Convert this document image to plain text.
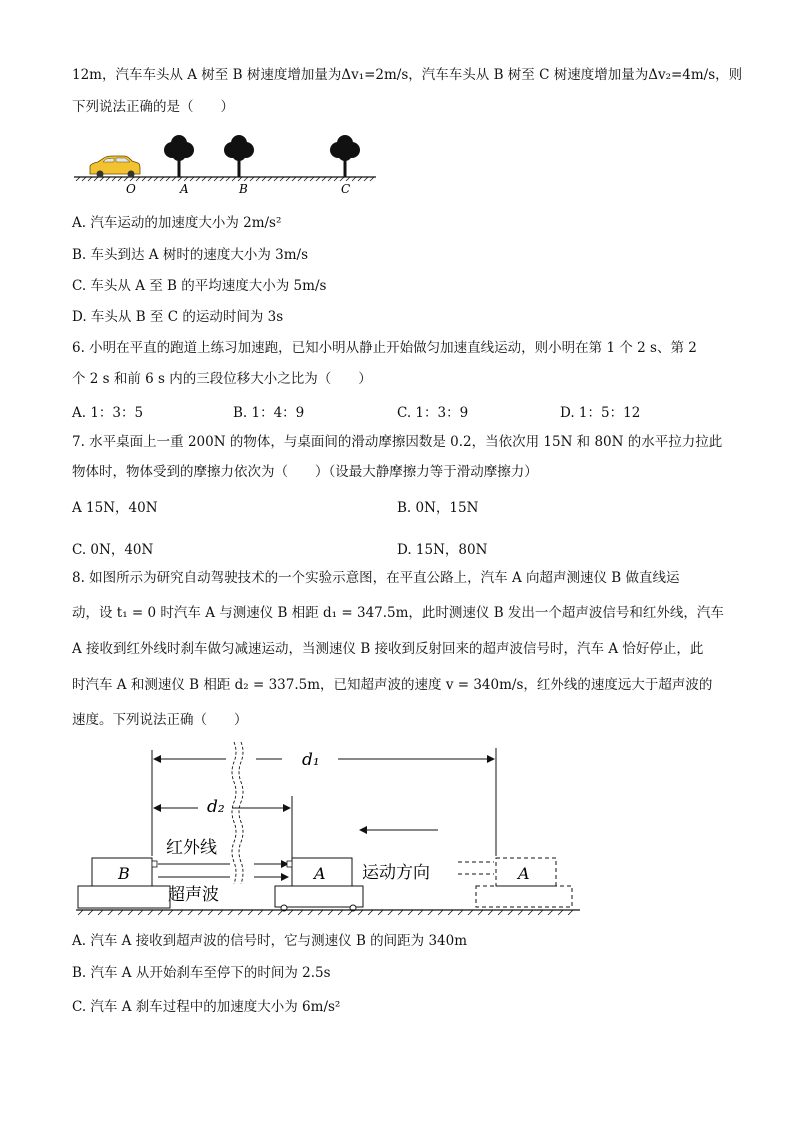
12m，汽车车头从 A 树至 B 树速度增加量为Δv₁=2m/s，汽车车头从 B 树至 C 树速度增加量为Δv₂=4m/s，则
下列说法正确的是（　　）
O	A	B	C
A. 汽车运动的加速度大小为 2m/s²
B. 车头到达 A 树时的速度大小为 3m/s
C. 车头从 A 至 B 的平均速度大小为 5m/s
D. 车头从 B 至 C 的运动时间为 3s
6. 小明在平直的跑道上练习加速跑，已知小明从静止开始做匀加速直线运动，则小明在第 1 个 2 s、第 2
个 2 s 和前 6 s 内的三段位移大小之比为（　　）
A. 1：3：5	B. 1：4：9	C. 1：3：9	D. 1：5：12
7. 水平桌面上一重 200N 的物体，与桌面间的滑动摩擦因数是 0.2，当依次用 15N 和 80N 的水平拉力拉此
物体时，物体受到的摩擦力依次为（　　）（设最大静摩擦力等于滑动摩擦力）
A 15N，40N	B. 0N，15N
C. 0N，40N	D. 15N，80N
8. 如图所示为研究自动驾驶技术的一个实验示意图，在平直公路上，汽车 A 向超声测速仪 B 做直线运
动，设 t₁ = 0 时汽车 A 与测速仪 B 相距 d₁ = 347.5m，此时测速仪 B 发出一个超声波信号和红外线，汽车
A 接收到红外线时刹车做匀减速运动，当测速仪 B 接收到反射回来的超声波信号时，汽车 A 恰好停止，此
时汽车 A 和测速仪 B 相距 d₂ = 337.5m，已知超声波的速度 v = 340m/s，红外线的速度远大于超声波的
速度。下列说法正确（　　）
d₁
d₂
B
红外线
超声波
A 运动方向	A
A. 汽车 A 接收到超声波的信号时，它与测速仪 B 的间距为 340m
B. 汽车 A 从开始刹车至停下的时间为 2.5s
C. 汽车 A 刹车过程中的加速度大小为 6m/s²
